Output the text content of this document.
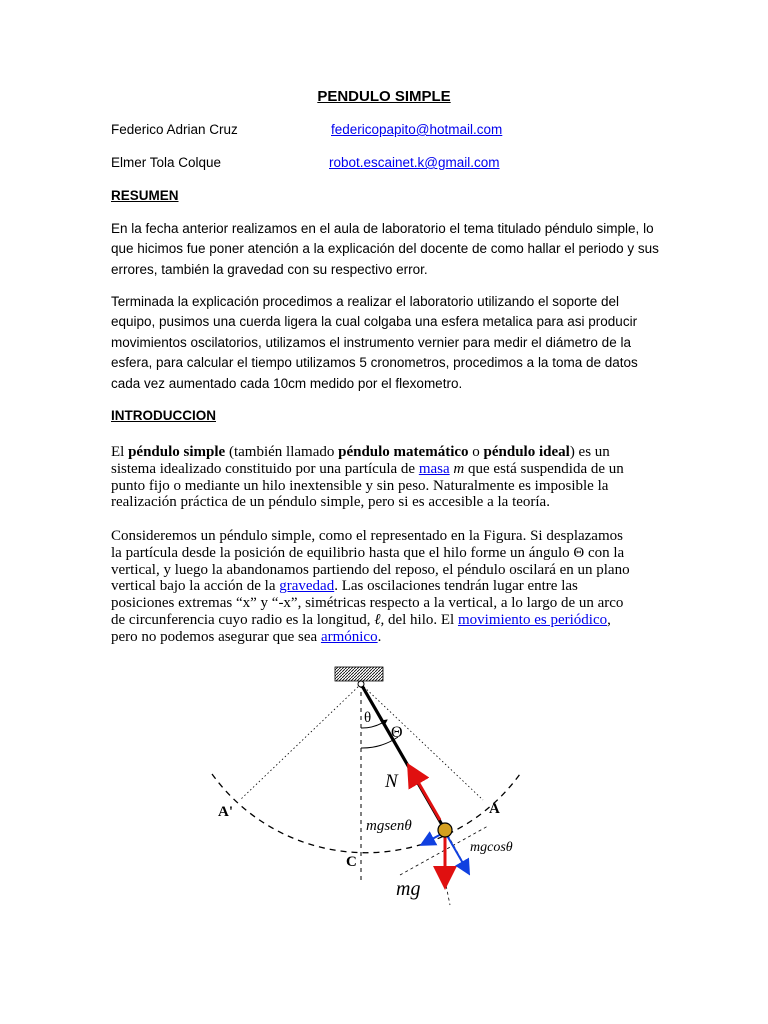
PENDULO SIMPLE
Federico Adrian Cruz	federicopapito@hotmail.com
Elmer Tola Colque	robot.escainet.k@gmail.com
RESUMEN

En la fecha anterior realizamos en el aula de laboratorio el tema titulado péndulo simple, lo que hicimos fue poner atención a la explicación del docente de como hallar el periodo y sus errores, también la gravedad con su respectivo error.

Terminada la explicación procedimos a realizar el laboratorio utilizando el soporte del equipo, pusimos una cuerda ligera la cual colgaba una esfera metalica para asi producir movimientos oscilatorios, utilizamos el instrumento vernier para medir el diámetro de la esfera, para calcular el tiempo utilizamos 5 cronometros, procedimos a la toma de datos cada vez aumentado cada 10cm medido por el flexometro.

INTRODUCCION

El péndulo simple (también llamado péndulo matemático o péndulo ideal) es un sistema idealizado constituido por una partícula de masa m que está suspendida de un punto fijo o mediante un hilo inextensible y sin peso. Naturalmente es imposible la realización práctica de un péndulo simple, pero si es accesible a la teoría.

Consideremos un péndulo simple, como el representado en la Figura. Si desplazamos la partícula desde la posición de equilibrio hasta que el hilo forme un ángulo Θ con la vertical, y luego la abandonamos partiendo del reposo, el péndulo oscilará en un plano vertical bajo la acción de la gravedad. Las oscilaciones tendrán lugar entre las posiciones extremas “x” y “-x”, simétricas respecto a la vertical, a lo largo de un arco de circunferencia cuyo radio es la longitud, ℓ, del hilo. El movimiento es periódico, pero no podemos asegurar que sea armónico.

θ
Θ
N
A'	A
C
mgsenθ
mgcosθ
mg
